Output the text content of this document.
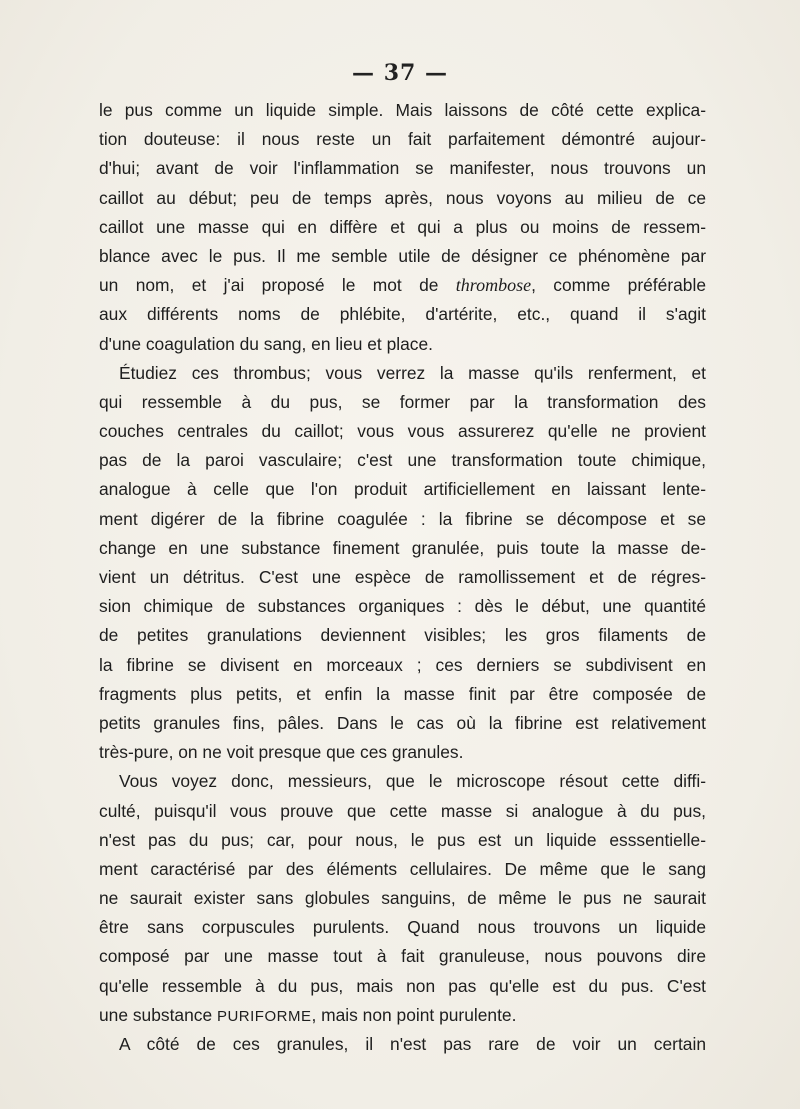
— 37 —
le pus comme un liquide simple. Mais laissons de côté cette explica-
tion douteuse: il nous reste un fait parfaitement démontré aujour-
d'hui; avant de voir l'inflammation se manifester, nous trouvons un
caillot au début; peu de temps après, nous voyons au milieu de ce
caillot une masse qui en diffère et qui a plus ou moins de ressem-
blance avec le pus. Il me semble utile de désigner ce phénomène par
un nom, et j'ai proposé le mot de thrombose, comme préférable
aux différents noms de phlébite, d'artérite, etc., quand il s'agit
d'une coagulation du sang, en lieu et place.
Étudiez ces thrombus; vous verrez la masse qu'ils renferment, et
qui ressemble à du pus, se former par la transformation des
couches centrales du caillot; vous vous assurerez qu'elle ne provient
pas de la paroi vasculaire; c'est une transformation toute chimique,
analogue à celle que l'on produit artificiellement en laissant lente-
ment digérer de la fibrine coagulée : la fibrine se décompose et se
change en une substance finement granulée, puis toute la masse de-
vient un détritus. C'est une espèce de ramollissement et de régres-
sion chimique de substances organiques : dès le début, une quantité
de petites granulations deviennent visibles; les gros filaments de
la fibrine se divisent en morceaux ; ces derniers se subdivisent en
fragments plus petits, et enfin la masse finit par être composée de
petits granules fins, pâles. Dans le cas où la fibrine est relativement
très-pure, on ne voit presque que ces granules.
Vous voyez donc, messieurs, que le microscope résout cette diffi-
culté, puisqu'il vous prouve que cette masse si analogue à du pus,
n'est pas du pus; car, pour nous, le pus est un liquide esssentielle-
ment caractérisé par des éléments cellulaires. De même que le sang
ne saurait exister sans globules sanguins, de même le pus ne saurait
être sans corpuscules purulents. Quand nous trouvons un liquide
composé par une masse tout à fait granuleuse, nous pouvons dire
qu'elle ressemble à du pus, mais non pas qu'elle est du pus. C'est
une substance PURIFORME, mais non point purulente.
A côté de ces granules, il n'est pas rare de voir un certain
